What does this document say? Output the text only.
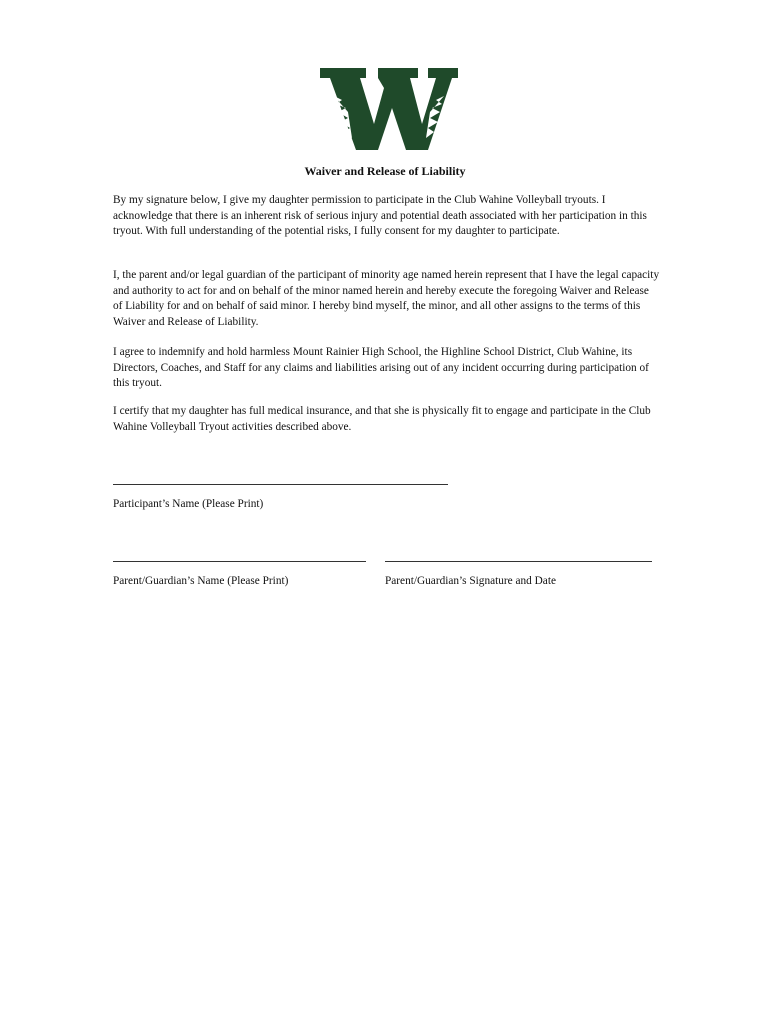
Waiver and Release of Liability

By my signature below, I give my daughter permission to participate in the Club Wahine Volleyball tryouts. I acknowledge that there is an inherent risk of serious injury and potential death associated with her participation in this tryout. With full understanding of the potential risks, I fully consent for my daughter to participate.

I, the parent and/or legal guardian of the participant of minority age named herein represent that I have the legal capacity and authority to act for and on behalf of the minor named herein and hereby execute the foregoing Waiver and Release of Liability for and on behalf of said minor. I hereby bind myself, the minor, and all other assigns to the terms of this Waiver and Release of Liability.

I agree to indemnify and hold harmless Mount Rainier High School, the Highline School District, Club Wahine, its Directors, Coaches, and Staff for any claims and liabilities arising out of any incident occurring during participation of this tryout.

I certify that my daughter has full medical insurance, and that she is physically fit to engage and participate in the Club Wahine Volleyball Tryout activities described above.

Participant’s Name (Please Print)
Parent/Guardian’s Name (Please Print)	Parent/Guardian’s Signature and Date
